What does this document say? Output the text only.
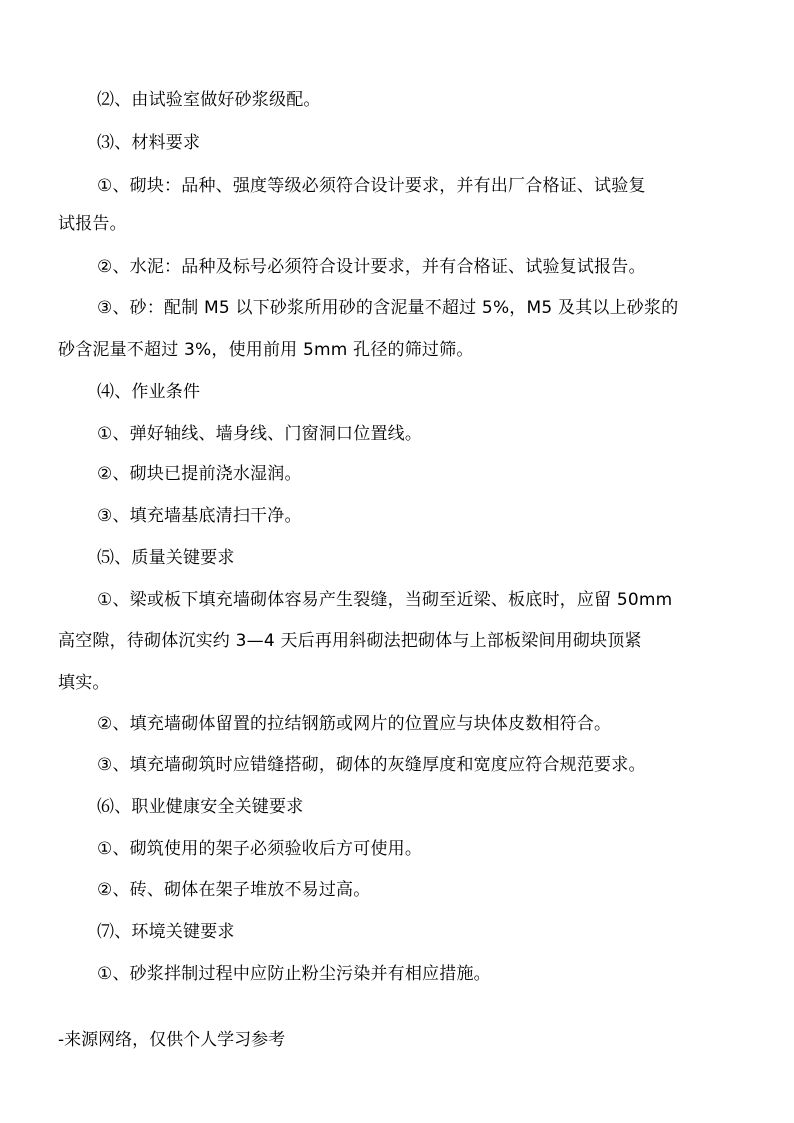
⑵、由试验室做好砂浆级配。
⑶、材料要求
①、砌块：品种、强度等级必须符合设计要求，并有出厂合格证、试验复
试报告。
②、水泥：品种及标号必须符合设计要求，并有合格证、试验复试报告。
③、砂：配制 M5 以下砂浆所用砂的含泥量不超过 5%，M5 及其以上砂浆的
砂含泥量不超过 3%，使用前用 5mm 孔径的筛过筛。
⑷、作业条件
①、弹好轴线、墙身线、门窗洞口位置线。
②、砌块已提前浇水湿润。
③、填充墙基底清扫干净。
⑸、质量关键要求
①、梁或板下填充墙砌体容易产生裂缝，当砌至近梁、板底时，应留 50mm
高空隙，待砌体沉实约 3—4 天后再用斜砌法把砌体与上部板梁间用砌块顶紧
填实。
②、填充墙砌体留置的拉结钢筋或网片的位置应与块体皮数相符合。
③、填充墙砌筑时应错缝搭砌，砌体的灰缝厚度和宽度应符合规范要求。
⑹、职业健康安全关键要求
①、砌筑使用的架子必须验收后方可使用。
②、砖、砌体在架子堆放不易过高。
⑺、环境关键要求
①、砂浆拌制过程中应防止粉尘污染并有相应措施。
-来源网络，仅供个人学习参考
